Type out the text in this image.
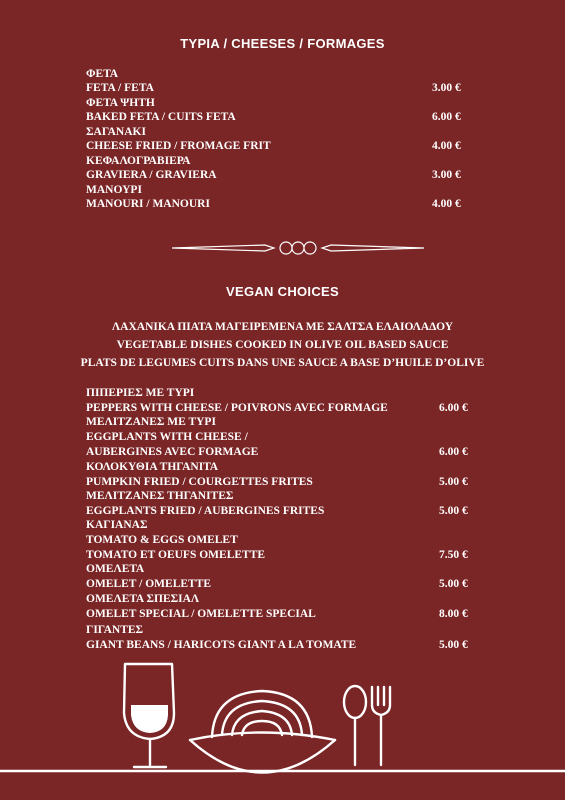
TYPIA / CHEESES / FORMAGES
ΦΕΤΑ
FETA / FETA	3.00 €
ΦΕΤΑ ΨΗΤΗ
BAKED FETA / CUITS FETA	6.00 €
ΣΑΓΑΝΑΚΙ
CHEESE FRIED / FROMAGE FRIT	4.00 €
ΚΕΦΑΛΟΓΡΑΒΙΕΡΑ
GRAVIERA / GRAVIERA	3.00 €
ΜΑΝΟΥΡΙ
MANOURI / MANOURI	4.00 €
VEGAN CHOICES
ΛΑΧΑΝΙΚΑ ΠΙΑΤΑ ΜΑΓΕΙΡΕΜΕΝΑ ΜΕ ΣΑΛΤΣΑ ΕΛΑΙΟΛΑΔΟΥ
VEGETABLE DISHES COOKED IN OLIVE OIL BASED SAUCE
PLATS DE LEGUMES CUITS DANS UNE SAUCE A BASE D’HUILE D’OLIVE
ΠΙΠΕΡΙΕΣ ΜΕ ΤΥΡΙ
PEPPERS WITH CHEESE / POIVRONS AVEC FORMAGE	6.00 €
ΜΕΛΙΤΖΑΝΕΣ ΜΕ ΤΥΡΙ
EGGPLANTS WITH CHEESE /
AUBERGINES AVEC FORMAGE	6.00 €
ΚΟΛΟΚΥΘΙΑ ΤΗΓΑΝΙΤΑ
PUMPKIN FRIED / COURGETTES FRITES	5.00 €
ΜΕΛΙΤΖΑΝΕΣ ΤΗΓΑΝΙΤΕΣ
EGGPLANTS FRIED / AUBERGINES FRITES	5.00 €
ΚΑΓΙΑΝΑΣ
TOMATO & EGGS OMELET
TOMATO ET OEUFS OMELETTE	7.50 €
ΟΜΕΛΕΤΑ
OMELET / OMELETTE	5.00 €
ΟΜΕΛΕΤΑ ΣΠΕΣΙΑΛ
OMELET SPECIAL / OMELETTE SPECIAL	8.00 €
ΓΙΓΑΝΤΕΣ
GIANT BEANS / HARICOTS GIANT A LA TOMATE	5.00 €
